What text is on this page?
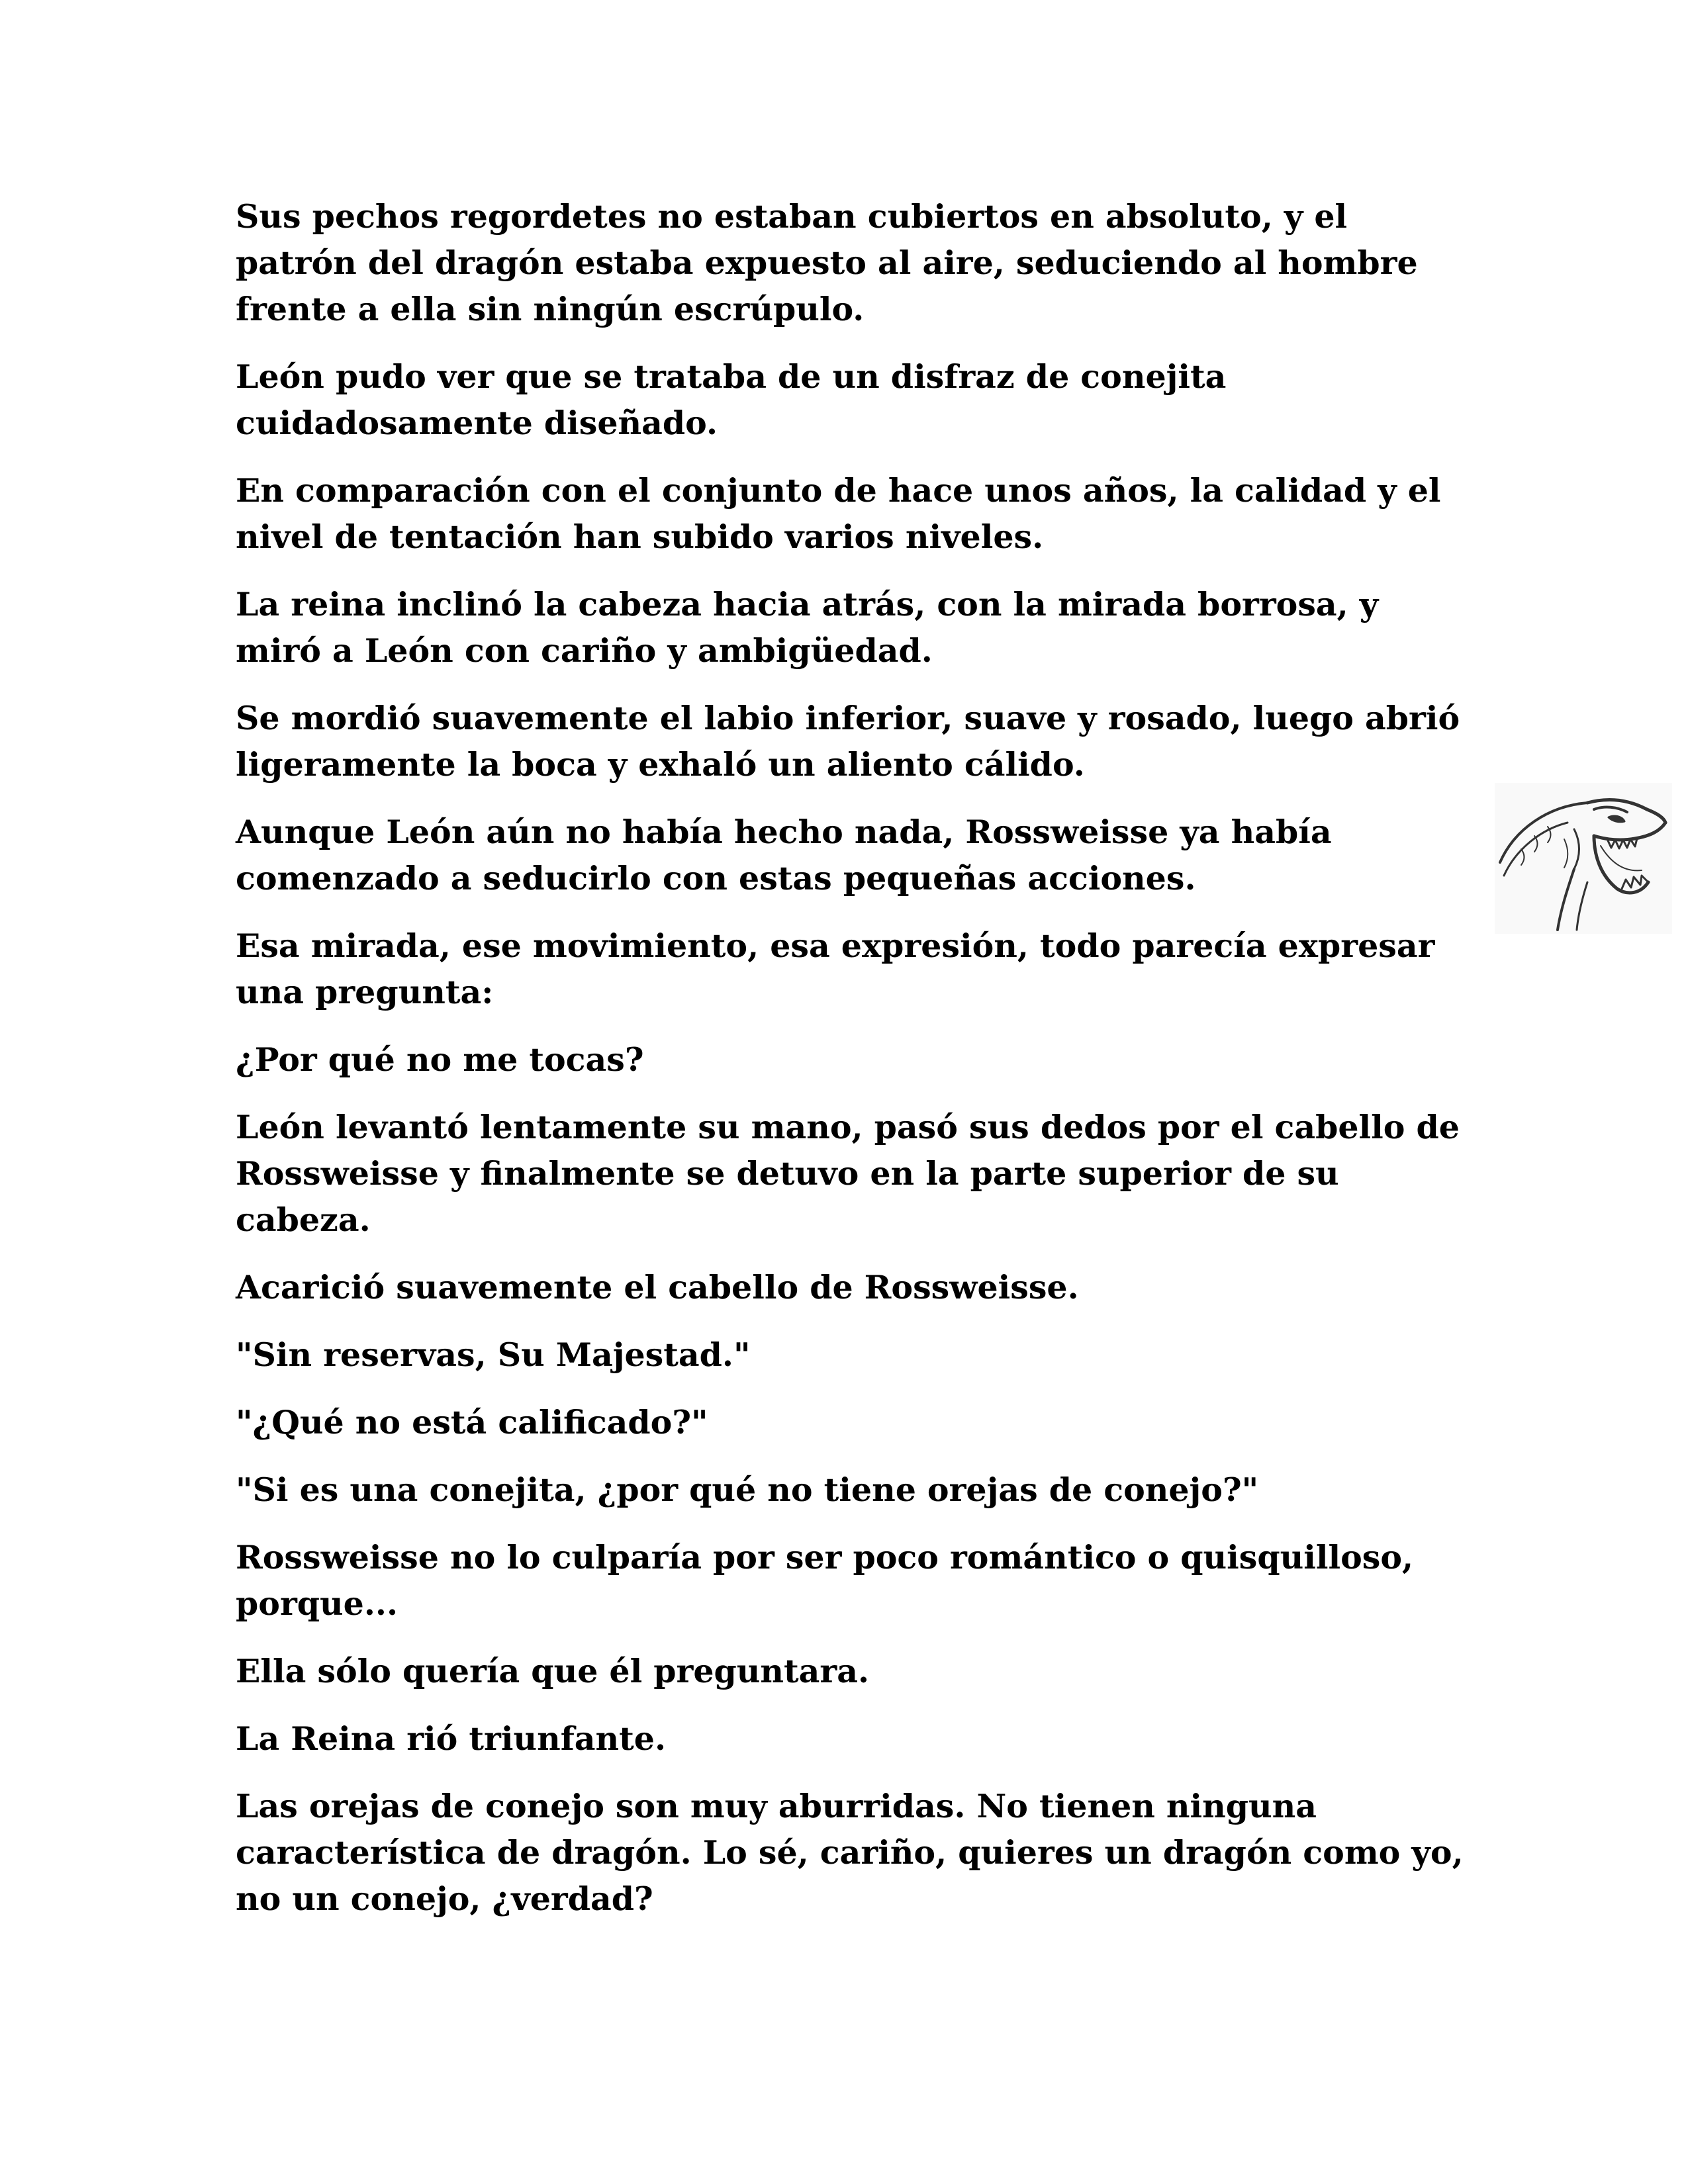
Sus pechos regordetes no estaban cubiertos en absoluto, y el patrón del dragón estaba expuesto al aire, seduciendo al hombre frente a ella sin ningún escrúpulo.

León pudo ver que se trataba de un disfraz de conejita cuidadosamente diseñado.

En comparación con el conjunto de hace unos años, la calidad y el nivel de tentación han subido varios niveles.

La reina inclinó la cabeza hacia atrás, con la mirada borrosa, y miró a León con cariño y ambigüedad.

Se mordió suavemente el labio inferior, suave y rosado, luego abrió ligeramente la boca y exhaló un aliento cálido.

Aunque León aún no había hecho nada, Rossweisse ya había comenzado a seducirlo con estas pequeñas acciones.

Esa mirada, ese movimiento, esa expresión, todo parecía expresar una pregunta:

¿Por qué no me tocas?

León levantó lentamente su mano, pasó sus dedos por el cabello de Rossweisse y finalmente se detuvo en la parte superior de su cabeza.

Acarició suavemente el cabello de Rossweisse.

"Sin reservas, Su Majestad."

"¿Qué no está calificado?"

"Si es una conejita, ¿por qué no tiene orejas de conejo?"

Rossweisse no lo culparía por ser poco romántico o quisquilloso, porque...

Ella sólo quería que él preguntara.

La Reina rió triunfante.

Las orejas de conejo son muy aburridas. No tienen ninguna característica de dragón. Lo sé, cariño, quieres un dragón como yo, no un conejo, ¿verdad?
